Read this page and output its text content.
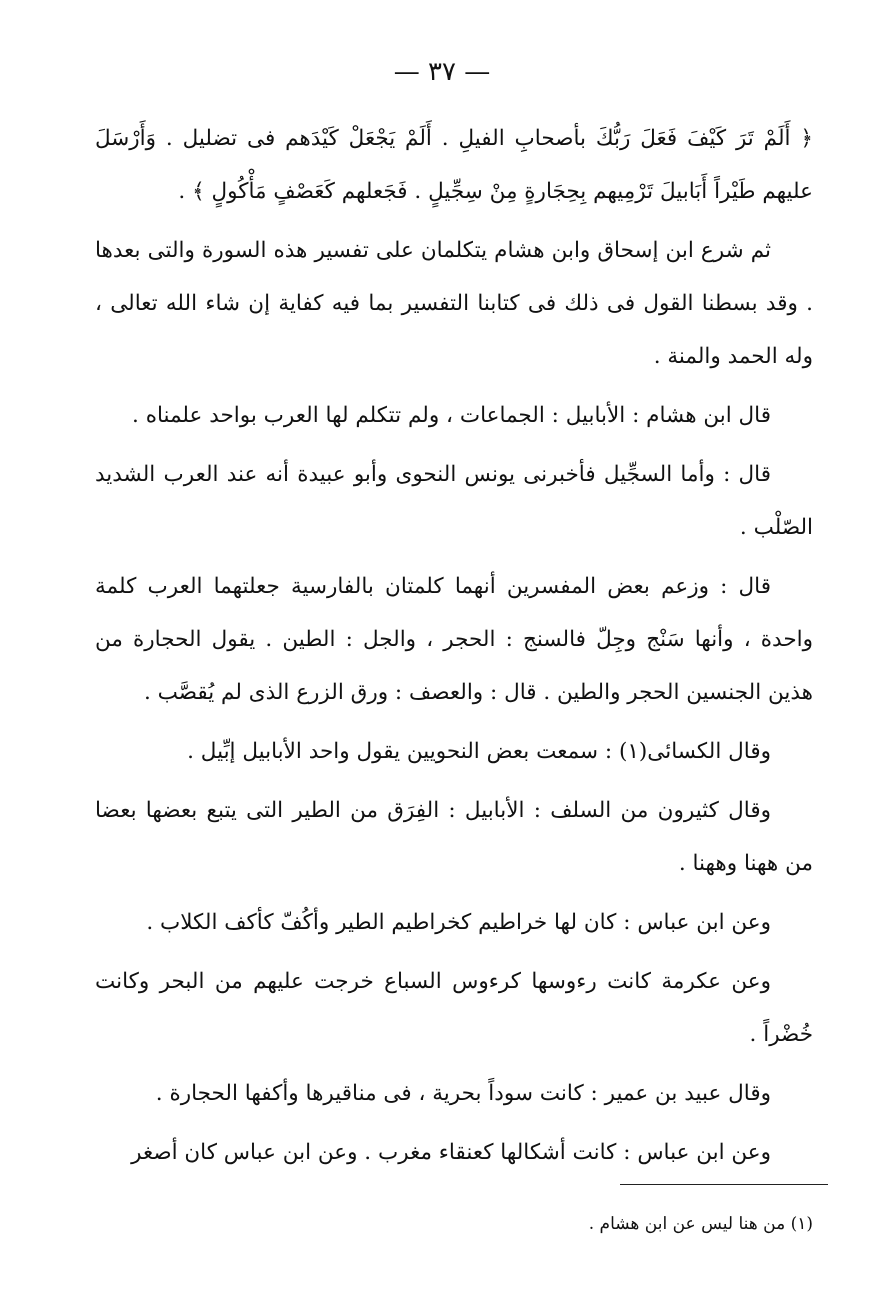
— ٣٧ —

﴿ أَلَمْ تَرَ كَيْفَ فَعَلَ رَبُّكَ بأصحابِ الفيلِ . أَلَمْ يَجْعَلْ كَيْدَهم فى تضليل . وَأَرْسَلَ عليهم طَيْراً أَبَابيلَ تَرْمِيهم بِحِجَارةٍ مِنْ سِجِّيلٍ . فَجَعلهم كَعَصْفٍ مَأْكُولٍ ﴾ .

ثم شرع ابن إسحاق وابن هشام يتكلمان على تفسير هذه السورة والتى بعدها . وقد بسطنا القول فى ذلك فى كتابنا التفسير بما فيه كفاية إن شاء الله تعالى ، وله الحمد والمنة .

قال ابن هشام : الأبابيل : الجماعات ، ولم تتكلم لها العرب بواحد علمناه .

قال : وأما السجِّيل فأخبرنى يونس النحوى وأبو عبيدة أنه عند العرب الشديد الصّلْب .

قال : وزعم بعض المفسرين أنهما كلمتان بالفارسية جعلتهما العرب كلمة واحدة ، وأنها سَنْج وجِلّ فالسنج : الحجر ، والجل : الطين . يقول الحجارة من هذين الجنسين الحجر والطين . قال : والعصف : ورق الزرع الذى لم يُقصَّب .

وقال الكسائى(١) : سمعت بعض النحويين يقول واحد الأبابيل إبِّيل .

وقال كثيرون من السلف : الأبابيل : الفِرَق من الطير التى يتبع بعضها بعضا من ههنا وههنا .

وعن ابن عباس : كان لها خراطيم كخراطيم الطير وأكُفّ كأكف الكلاب .

وعن عكرمة كانت رءوسها كرءوس السباع خرجت عليهم من البحر وكانت خُضْراً .

وقال عبيد بن عمير : كانت سوداً بحرية ، فى مناقيرها وأكفها الحجارة .

وعن ابن عباس : كانت أشكالها كعنقاء مغرب . وعن ابن عباس كان أصغر

(١) من هنا ليس عن ابن هشام .
